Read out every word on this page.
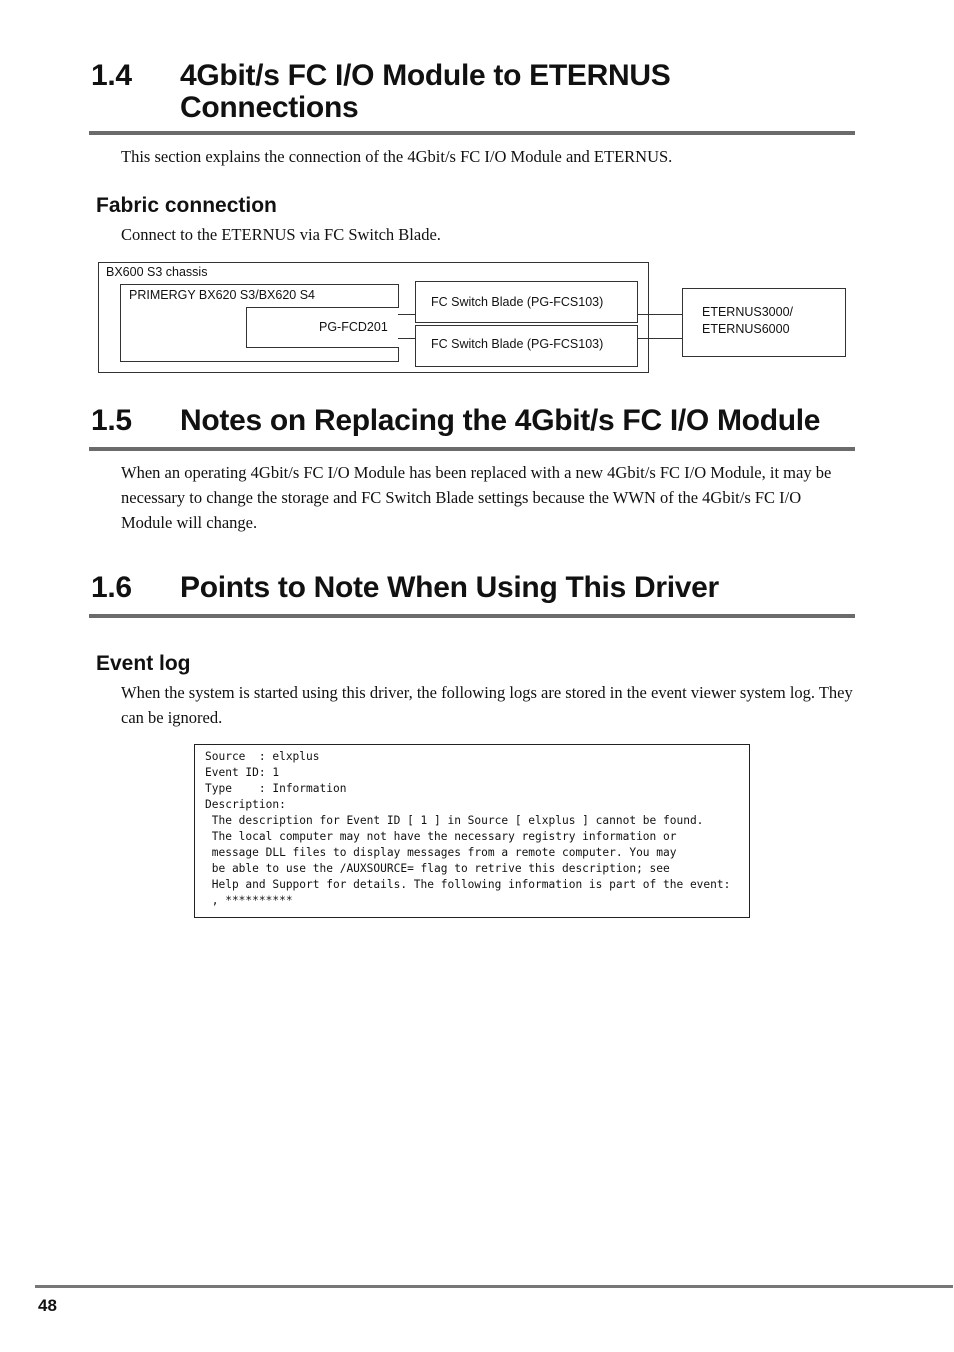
1.4 4Gbit/s FC I/O Module to ETERNUS
Connections
This section explains the connection of the 4Gbit/s FC I/O Module and ETERNUS.
Fabric connection
Connect to the ETERNUS via FC Switch Blade.
BX600 S3 chassis
PRIMERGY BX620 S3/BX620 S4
PG-FCD201
FC Switch Blade (PG-FCS103)
FC Switch Blade (PG-FCS103)
ETERNUS3000/
ETERNUS6000
1.5 Notes on Replacing the 4Gbit/s FC I/O Module
When an operating 4Gbit/s FC I/O Module has been replaced with a new 4Gbit/s FC I/O Module, it may be necessary to change the storage and FC Switch Blade settings because the WWN of the 4Gbit/s FC I/O Module will change.
1.6 Points to Note When Using This Driver
Event log
When the system is started using this driver, the following logs are stored in the event viewer system log. They can be ignored.
Source  : elxplus
Event ID: 1
Type    : Information
Description:
The description for Event ID [ 1 ] in Source [ elxplus ] cannot be found.
The local computer may not have the necessary registry information or
message DLL files to display messages from a remote computer. You may
be able to use the /AUXSOURCE= flag to retrive this description; see
Help and Support for details. The following information is part of the event:
, **********
48
